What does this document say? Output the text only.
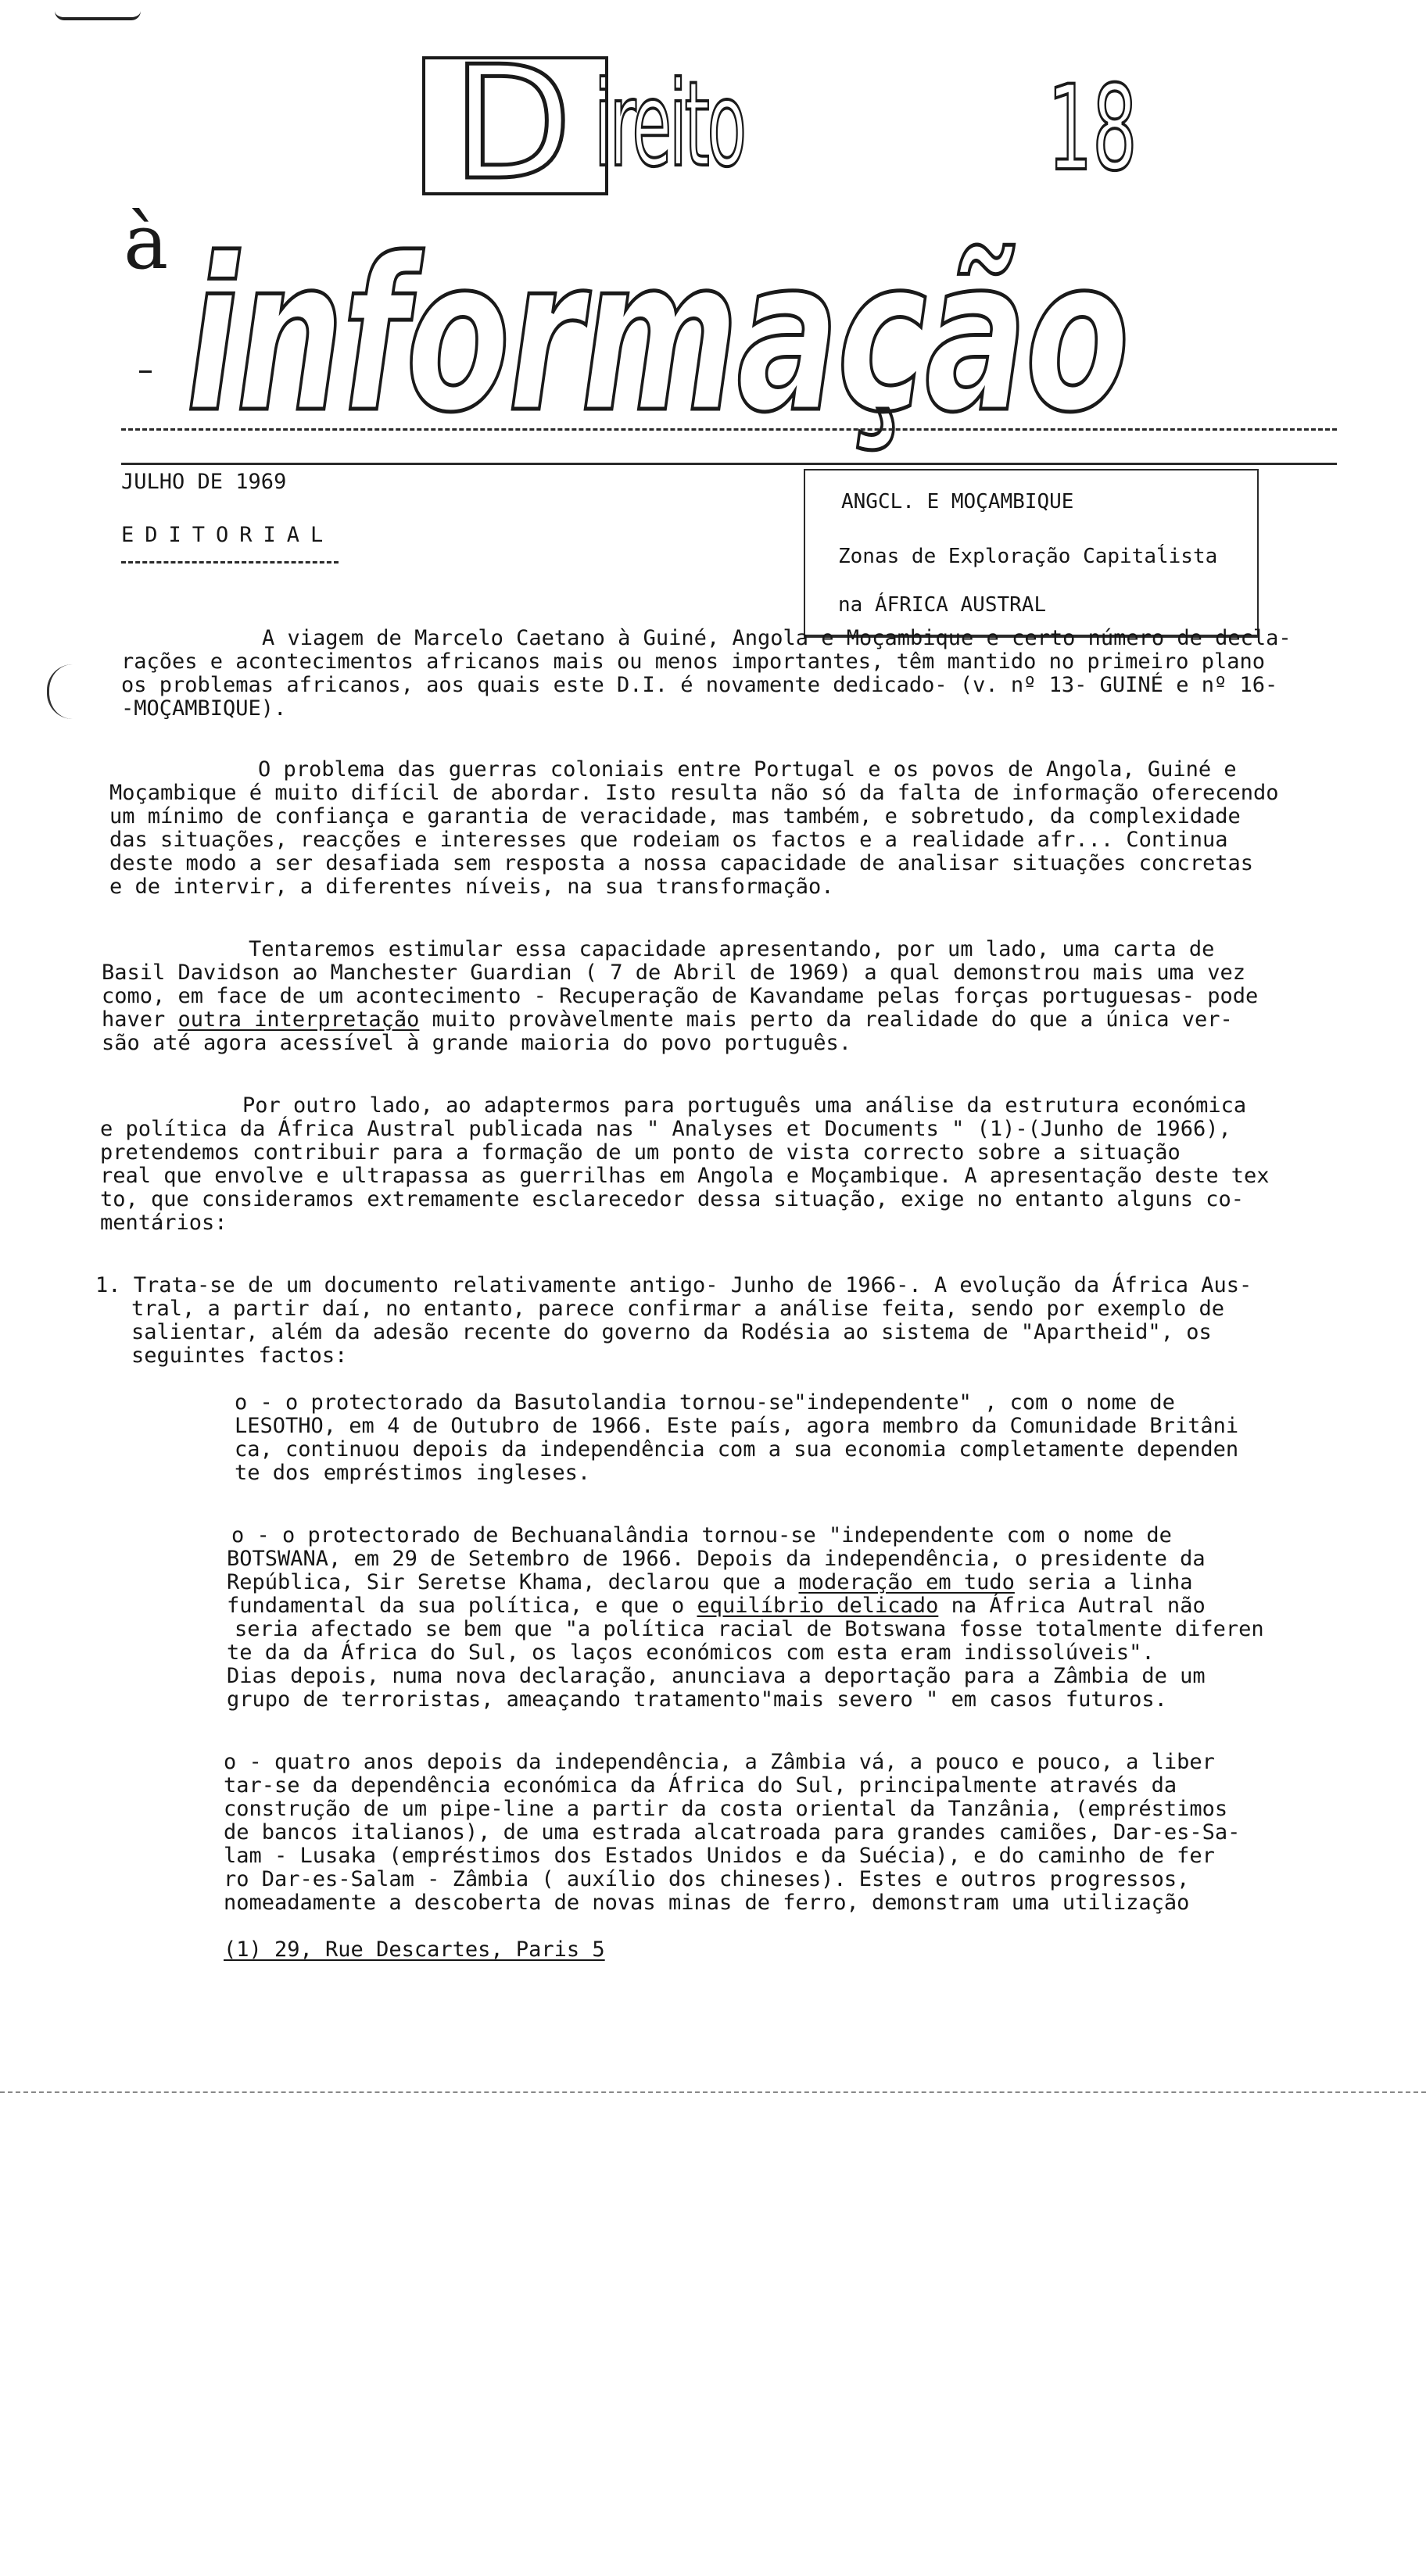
D ireito	18
à informação
JULHO DE 1969
EDITORIAL
ANGCL. E MOÇAMBIQUE
Zonas de Exploração Capitaĺista
na ÁFRICA AUSTRAL
A viagem de Marcelo Caetano à Guiné, Angola e Moçambique e certo número de decla-
rações e acontecimentos africanos mais ou menos importantes, têm mantido no primeiro plano
os problemas africanos, aos quais este D.I. é novamente dedicado- (v. nº 13- GUINÉ e nº 16-
-MOÇAMBIQUE).
O problema das guerras coloniais entre Portugal e os povos de Angola, Guiné e
Moçambique é muito difícil de abordar. Isto resulta não só da falta de informação oferecendo
um mínimo de confiança e garantia de veracidade, mas também, e sobretudo, da complexidade
das situações, reacções e interesses que rodeiam os factos e a realidade afr... Continua
deste modo a ser desafiada sem resposta a nossa capacidade de analisar situações concretas
e de intervir, a diferentes níveis, na sua transformação.
Tentaremos estimular essa capacidade apresentando, por um lado, uma carta de
Basil Davidson ao Manchester Guardian ( 7 de Abril de 1969) a qual demonstrou mais uma vez
como, em face de um acontecimento - Recuperação de Kavandame pelas forças portuguesas- pode
haver outra interpretação muito provàvelmente mais perto da realidade do que a única ver-
são até agora acessível à grande maioria do povo português.
Por outro lado, ao adaptermos para português uma análise da estrutura económica
e política da África Austral publicada nas " Analyses et Documents " (1)-(Junho de 1966),
pretendemos contribuir para a formação de um ponto de vista correcto sobre a situação
real que envolve e ultrapassa as guerrilhas em Angola e Moçambique. A apresentação deste tex
to, que consideramos extremamente esclarecedor dessa situação, exige no entanto alguns co-
mentários:
1. Trata-se de um documento relativamente antigo- Junho de 1966-. A evolução da África Aus-
tral, a partir daí, no entanto, parece confirmar a análise feita, sendo por exemplo de
salientar, além da adesão recente do governo da Rodésia ao sistema de "Apartheid", os
seguintes factos:
o - o protectorado da Basutolandia tornou-se"independente" , com o nome de
LESOTHO, em 4 de Outubro de 1966. Este país, agora membro da Comunidade Britâni
ca, continuou depois da independência com a sua economia completamente dependen
te dos empréstimos ingleses.
o - o protectorado de Bechuanalândia tornou-se "independente com o nome de
BOTSWANA, em 29 de Setembro de 1966. Depois da independência, o presidente da
República, Sir Seretse Khama, declarou que a moderação em tudo seria a linha
fundamental da sua política, e que o equilíbrio delicado na África Autral não
seria afectado se bem que "a política racial de Botswana fosse totalmente diferen
te da da África do Sul, os laços económicos com esta eram indissolúveis".
Dias depois, numa nova declaração, anunciava a deportação para a Zâmbia de um
grupo de terroristas, ameaçando tratamento"mais severo " em casos futuros.
o - quatro anos depois da independência, a Zâmbia vá, a pouco e pouco, a liber
tar-se da dependência económica da África do Sul, principalmente através da
construção de um pipe-line a partir da costa oriental da Tanzânia, (empréstimos
de bancos italianos), de uma estrada alcatroada para grandes camiões, Dar-es-Sa-
lam - Lusaka (empréstimos dos Estados Unidos e da Suécia), e do caminho de fer
ro Dar-es-Salam - Zâmbia ( auxílio dos chineses). Estes e outros progressos,
nomeadamente a descoberta de novas minas de ferro, demonstram uma utilização
(1) 29, Rue Descartes, Paris 5
